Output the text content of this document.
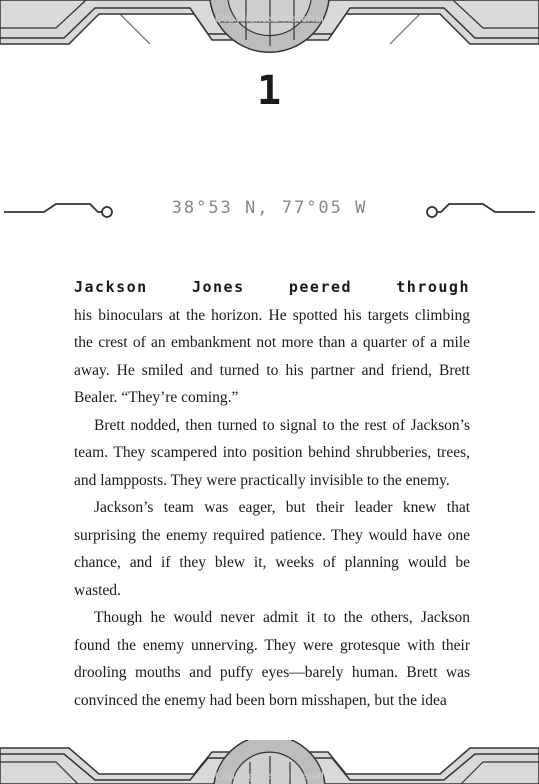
Copyrighted Material
1
38°53 N, 77°05 W

Jackson Jones peered through
his binoculars at the horizon. He spotted his targets climbing the crest of an embankment not more than a quarter of a mile away. He smiled and turned to his partner and friend, Brett Bealer. “They’re coming.”

Brett nodded, then turned to signal to the rest of Jackson’s team. They scampered into position behind shrubberies, trees, and lampposts. They were practically invisible to the enemy.

Jackson’s team was eager, but their leader knew that surprising the enemy required patience. They would have one chance, and if they blew it, weeks of planning would be wasted.

Though he would never admit it to the others, Jackson found the enemy unnerving. They were grotesque with their drooling mouths and puffy eyes—barely human. Brett was convinced the enemy had been born misshapen, but the idea

Copyrighted Material
